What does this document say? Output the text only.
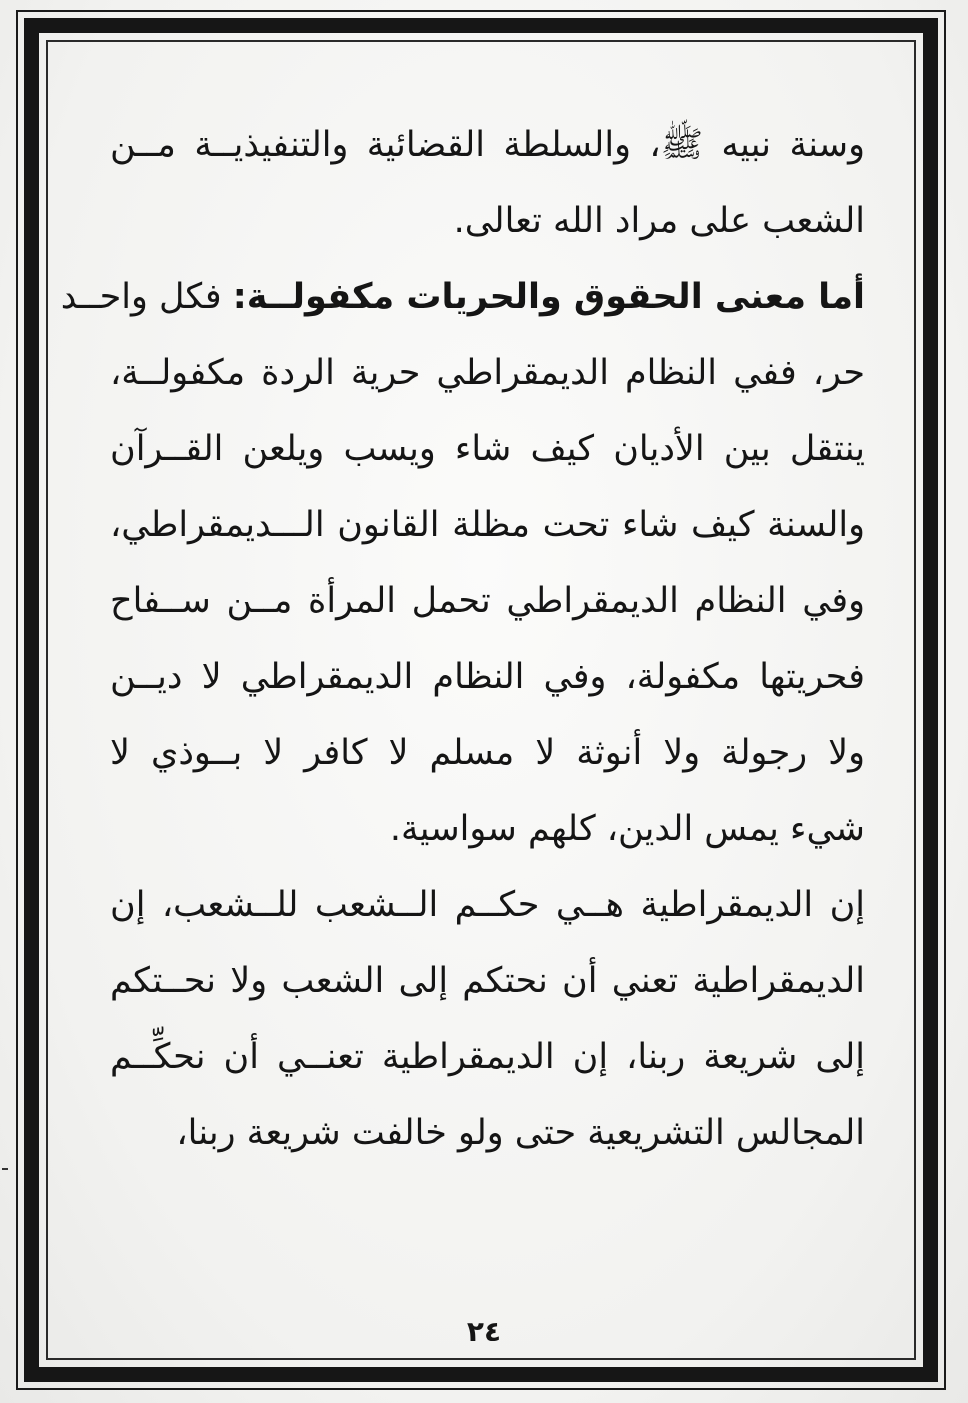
وسنة نبيه ﷺ، والسلطة القضائية والتنفيذيــة مــن
الشعب على مراد الله تعالى.
أما معنى الحقوق والحريات مكفولــة: فكل واحــد
حر، ففي النظام الديمقراطي حرية الردة مكفولــة،
ينتقل بين الأديان كيف شاء ويسب ويلعن القــرآن
والسنة كيف شاء تحت مظلة القانون الـــديمقراطي،
وفي النظام الديمقراطي تحمل المرأة مــن ســفاح
فحريتها مكفولة، وفي النظام الديمقراطي لا ديــن
ولا رجولة ولا أنوثة لا مسلم لا كافر لا بــوذي لا
شيء يمس الدين، كلهم سواسية.
إن الديمقراطية هــي حكــم الــشعب للــشعب، إن
الديمقراطية تعني أن نحتكم إلى الشعب ولا نحــتكم
إلى شريعة ربنا، إن الديمقراطية تعنــي أن نحكِّــم
المجالس التشريعية حتى ولو خالفت شريعة ربنا،
٢٤
